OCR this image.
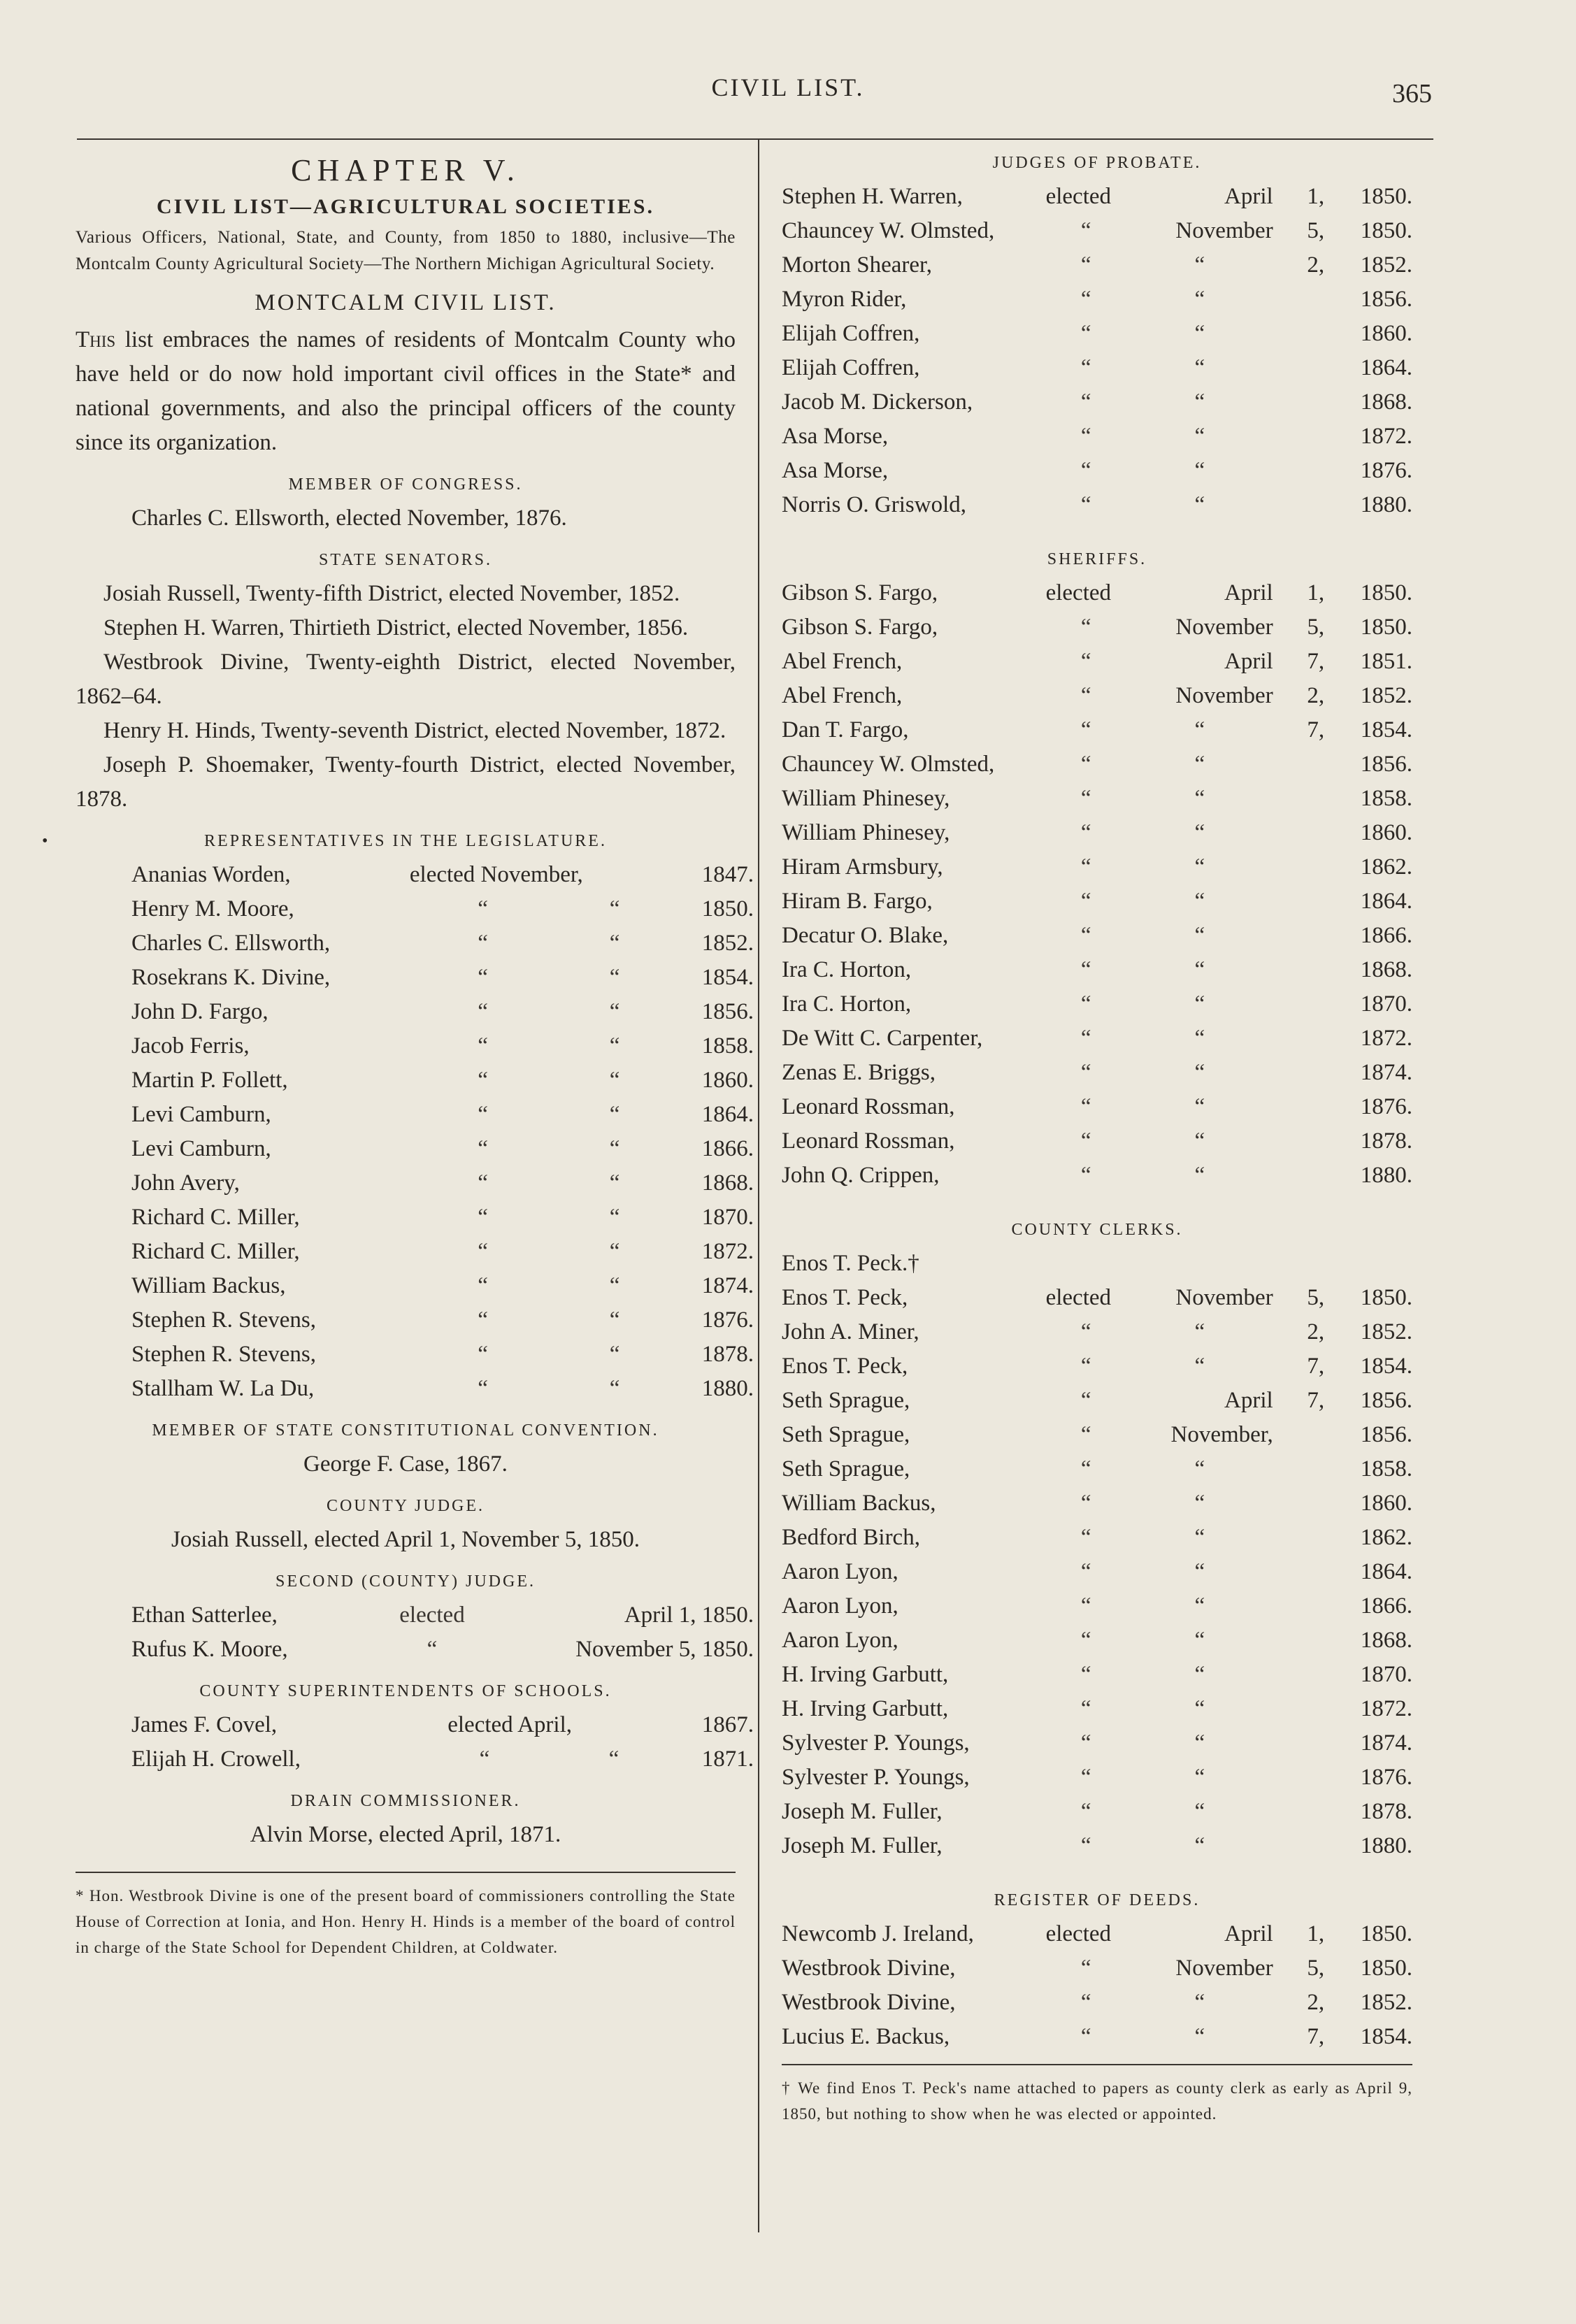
CIVIL LIST.	365
•
CHAPTER V.
CIVIL LIST—AGRICULTURAL SOCIETIES.

Various Officers, National, State, and County, from 1850 to 1880, inclusive—The Montcalm County Agricultural Society—The Northern Michigan Agricultural Society.

MONTCALM CIVIL LIST.

This list embraces the names of residents of Montcalm County who have held or do now hold important civil offices in the State* and national governments, and also the principal officers of the county since its organization.

MEMBER OF CONGRESS.

Charles C. Ellsworth, elected November, 1876.

STATE SENATORS.

Josiah Russell, Twenty-fifth District, elected November, 1852.

Stephen H. Warren, Thirtieth District, elected November, 1856.

Westbrook Divine, Twenty-eighth District, elected November, 1862–64.

Henry H. Hinds, Twenty-seventh District, elected November, 1872.

Joseph P. Shoemaker, Twenty-fourth District, elected November, 1878.

REPRESENTATIVES IN THE LEGISLATURE.
Ananias Worden,	elected November,		1847.
Henry M. Moore,	“	“	1850.
Charles C. Ellsworth,	“	“	1852.
Rosekrans K. Divine,	“	“	1854.
John D. Fargo,	“	“	1856.
Jacob Ferris,	“	“	1858.
Martin P. Follett,	“	“	1860.
Levi Camburn,	“	“	1864.
Levi Camburn,	“	“	1866.
John Avery,	“	“	1868.
Richard C. Miller,	“	“	1870.
Richard C. Miller,	“	“	1872.
William Backus,	“	“	1874.
Stephen R. Stevens,	“	“	1876.
Stephen R. Stevens,	“	“	1878.
Stallham W. La Du,	“	“	1880.
MEMBER OF STATE CONSTITUTIONAL CONVENTION.

George F. Case, 1867.

COUNTY JUDGE.

Josiah Russell, elected April 1, November 5, 1850.

SECOND (COUNTY) JUDGE.
Ethan Satterlee,	elected	April 1, 1850.
Rufus K. Moore,	“	November 5, 1850.
COUNTY SUPERINTENDENTS OF SCHOOLS.
James F. Covel,	elected April,		1867.
Elijah H. Crowell,	“	“	1871.
DRAIN COMMISSIONER.

Alvin Morse, elected April, 1871.

* Hon. Westbrook Divine is one of the present board of commissioners controlling the State House of Correction at Ionia, and Hon. Henry H. Hinds is a member of the board of control in charge of the State School for Dependent Children, at Coldwater.

JUDGES OF PROBATE.
Stephen H. Warren,	elected	April	1,	1850.
Chauncey W. Olmsted,	“	November	5,	1850.
Morton Shearer,	“	“	2,	1852.
Myron Rider,	“	“		1856.
Elijah Coffren,	“	“		1860.
Elijah Coffren,	“	“		1864.
Jacob M. Dickerson,	“	“		1868.
Asa Morse,	“	“		1872.
Asa Morse,	“	“		1876.
Norris O. Griswold,	“	“		1880.
SHERIFFS.
Gibson S. Fargo,	elected	April	1,	1850.
Gibson S. Fargo,	“	November	5,	1850.
Abel French,	“	April	7,	1851.
Abel French,	“	November	2,	1852.
Dan T. Fargo,	“	“	7,	1854.
Chauncey W. Olmsted,	“	“		1856.
William Phinesey,	“	“		1858.
William Phinesey,	“	“		1860.
Hiram Armsbury,	“	“		1862.
Hiram B. Fargo,	“	“		1864.
Decatur O. Blake,	“	“		1866.
Ira C. Horton,	“	“		1868.
Ira C. Horton,	“	“		1870.
De Witt C. Carpenter,	“	“		1872.
Zenas E. Briggs,	“	“		1874.
Leonard Rossman,	“	“		1876.
Leonard Rossman,	“	“		1878.
John Q. Crippen,	“	“		1880.
COUNTY CLERKS.

Enos T. Peck.†

Enos T. Peck,	elected	November	5,	1850.
John A. Miner,	“	“	2,	1852.
Enos T. Peck,	“	“	7,	1854.
Seth Sprague,	“	April	7,	1856.
Seth Sprague,	“	November,		1856.
Seth Sprague,	“	“		1858.
William Backus,	“	“		1860.
Bedford Birch,	“	“		1862.
Aaron Lyon,	“	“		1864.
Aaron Lyon,	“	“		1866.
Aaron Lyon,	“	“		1868.
H. Irving Garbutt,	“	“		1870.
H. Irving Garbutt,	“	“		1872.
Sylvester P. Youngs,	“	“		1874.
Sylvester P. Youngs,	“	“		1876.
Joseph M. Fuller,	“	“		1878.
Joseph M. Fuller,	“	“		1880.
REGISTER OF DEEDS.
Newcomb J. Ireland,	elected	April	1,	1850.
Westbrook Divine,	“	November	5,	1850.
Westbrook Divine,	“	“	2,	1852.
Lucius E. Backus,	“	“	7,	1854.

† We find Enos T. Peck's name attached to papers as county clerk as early as April 9, 1850, but nothing to show when he was elected or appointed.
